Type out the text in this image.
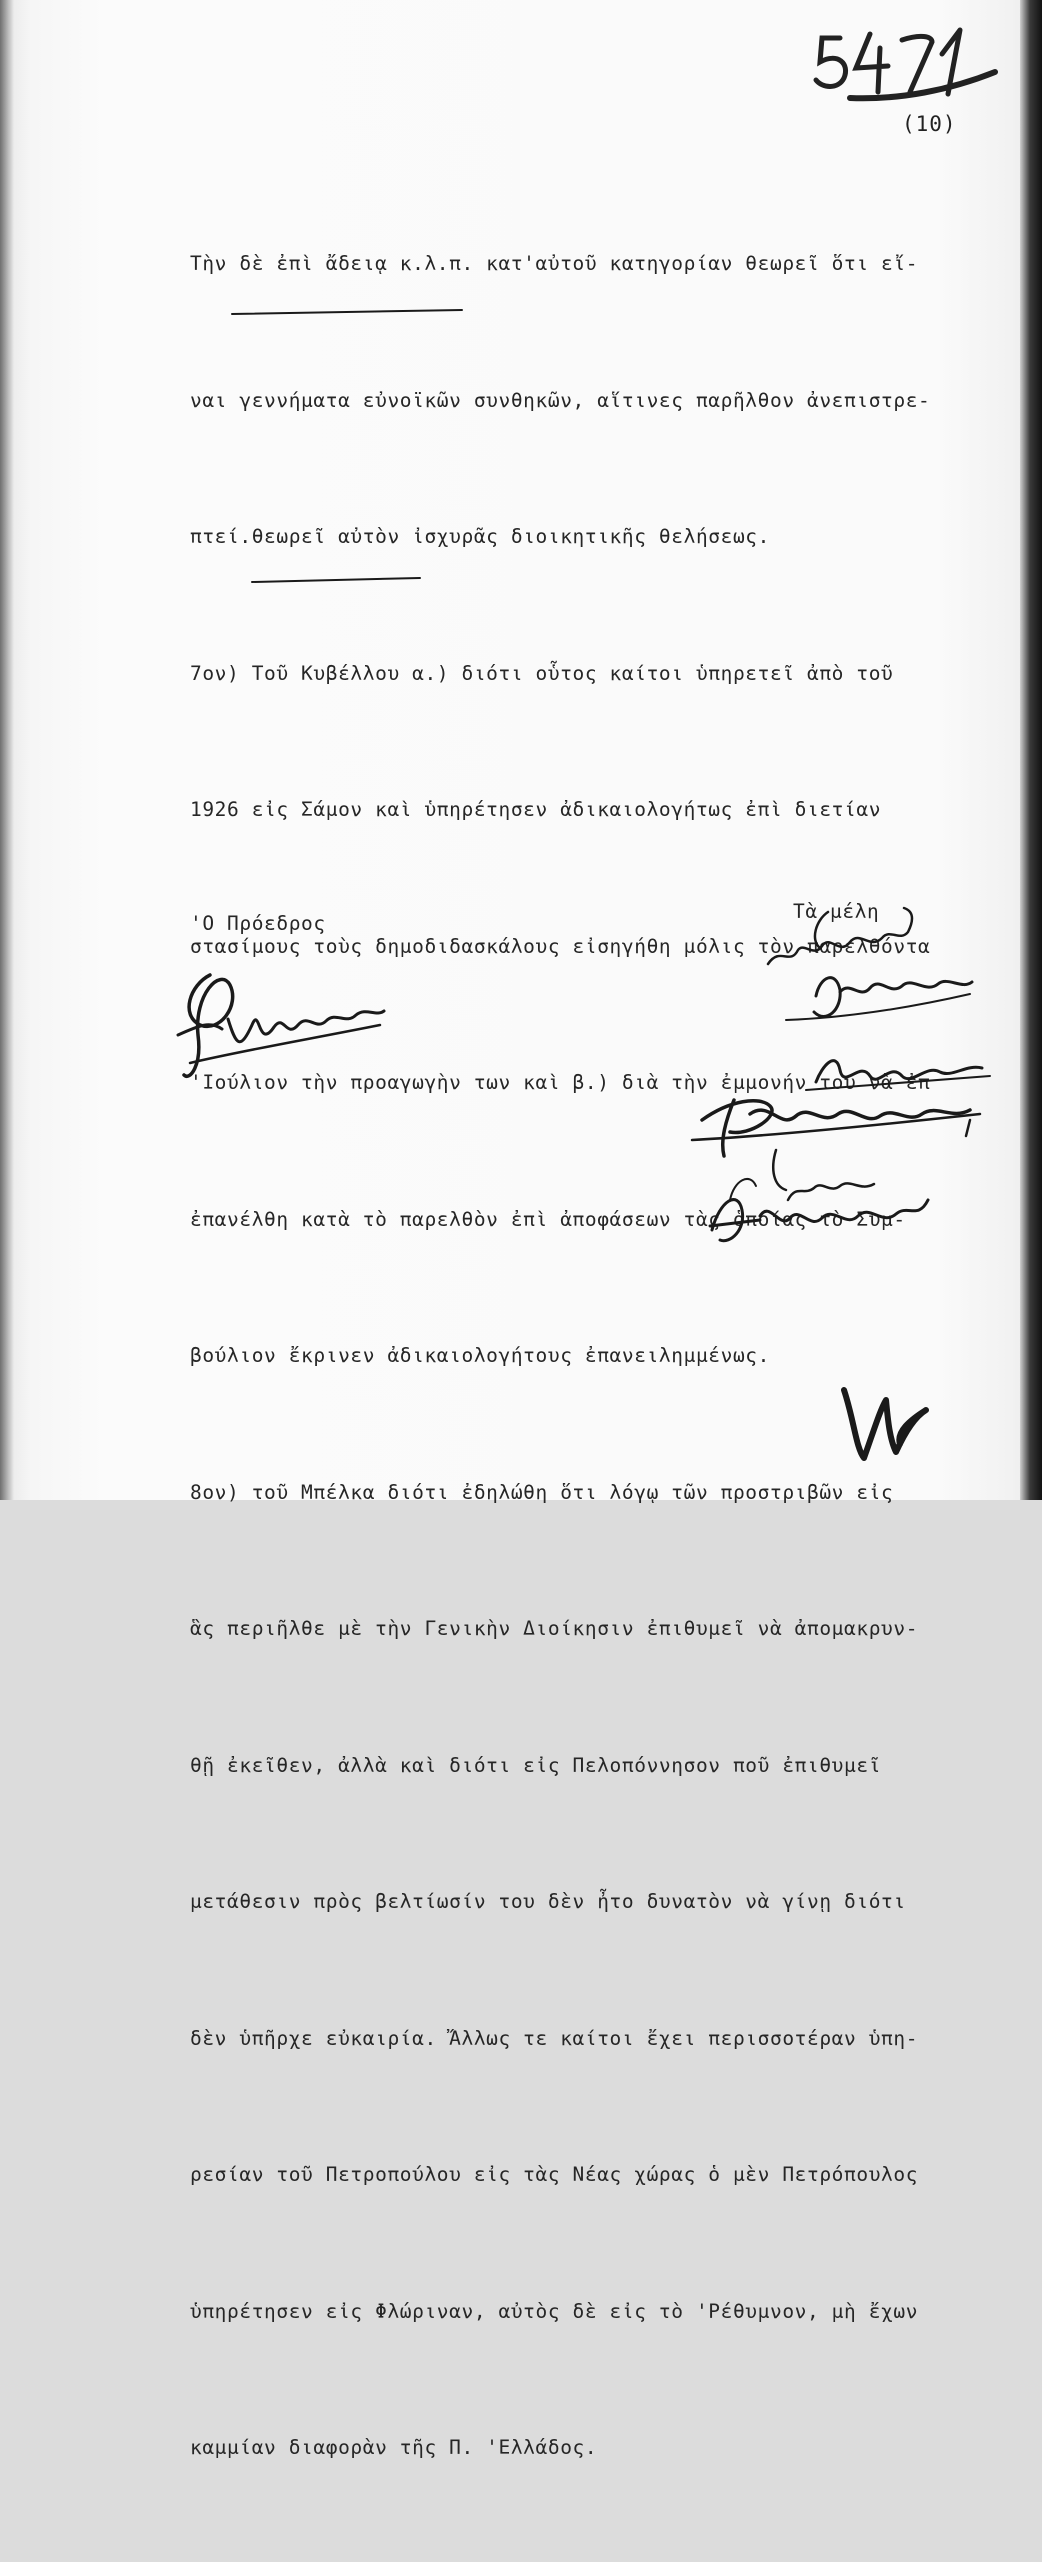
(10)

Τὴν δὲ ἐπὶ ἄδειᾳ κ.λ.π. κατ'αὐτοῦ κατηγορίαν θεωρεῖ ὅτι εἴ-

ναι γεννήματα εὐνοϊκῶν συνθηκῶν, αἵτινες παρῆλθον ἀνεπιστρε-

πτεί.θεωρεῖ αὐτὸν ἰσχυρᾶς διοικητικῆς θελήσεως.

7ον) Τοῦ Κυβέλλου α.) διότι οὗτος καίτοι ὑπηρετεῖ ἀπὸ τοῦ

1926 εἰς Σάμον καὶ ὑπηρέτησεν ἀδικαιολογήτως ἐπὶ διετίαν

στασίμους τοὺς δημοδιδασκάλους εἰσηγήθη μόλις τὸν παρελθόντα

'Ιούλιον τὴν προαγωγὴν των καὶ β.) διὰ τὴν ἐμμονήν του νὰ ἐπ

ἐπανέλθη κατὰ τὸ παρελθὸν ἐπὶ ἀποφάσεων τὰς ὁποίας τὸ Συμ-

βούλιον ἔκρινεν ἀδικαιολογήτους ἐπανειλημμένως.

8ον) τοῦ Μπέλκα διότι ἐδηλώθη ὅτι λόγῳ τῶν προστριβῶν εἰς

ἃς περιῆλθε μὲ τὴν Γενικὴν Διοίκησιν ἐπιθυμεῖ νὰ ἀπομακρυν-

θῇ ἐκεῖθεν, ἀλλὰ καὶ διότι εἰς Πελοπόννησον ποῦ ἐπιθυμεῖ

μετάθεσιν πρὸς βελτίωσίν του δὲν ἦτο δυνατὸν νὰ γίνῃ διότι

δὲν ὑπῆρχε εὐκαιρία. Ἄλλως τε καίτοι ἔχει περισσοτέραν ὑπη-

ρεσίαν τοῦ Πετροπούλου εἰς τὰς Νέας χώρας ὁ μὲν Πετρόπουλος

ὑπηρέτησεν εἰς Φλώριναν, αὐτὸς δὲ εἰς τὸ 'Ρέθυμνον, μὴ ἔχων

καμμίαν διαφορὰν τῆς Π. 'Ελλάδος.

'Ο Πρόεδρος
Τὰ μέλη
